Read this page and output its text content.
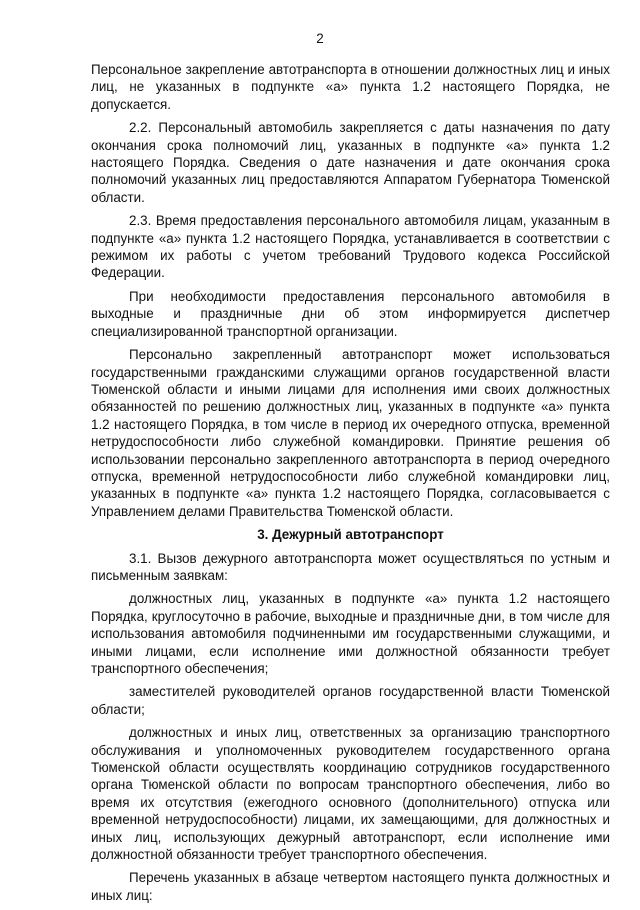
2

Персональное закрепление автотранспорта в отношении должностных лиц и иных лиц, не указанных в подпункте «а» пункта 1.2 настоящего Порядка, не допускается.

2.2. Персональный автомобиль закрепляется с даты назначения по дату окончания срока полномочий лиц, указанных в подпункте «а» пункта 1.2 настоящего Порядка. Сведения о дате назначения и дате окончания срока полномочий указанных лиц предоставляются Аппаратом Губернатора Тюменской области.

2.3. Время предоставления персонального автомобиля лицам, указанным в подпункте «а» пункта 1.2 настоящего Порядка, устанавливается в соответствии с режимом их работы с учетом требований Трудового кодекса Российской Федерации.

При необходимости предоставления персонального автомобиля в выходные и праздничные дни об этом информируется диспетчер специализированной транспортной организации.

Персонально закрепленный автотранспорт может использоваться государственными гражданскими служащими органов государственной власти Тюменской области и иными лицами для исполнения ими своих должностных обязанностей по решению должностных лиц, указанных в подпункте «а» пункта 1.2 настоящего Порядка, в том числе в период их очередного отпуска, временной нетрудоспособности либо служебной командировки. Принятие решения об использовании персонально закрепленного автотранспорта в период очередного отпуска, временной нетрудоспособности либо служебной командировки лиц, указанных в подпункте «а» пункта 1.2 настоящего Порядка, согласовывается с Управлением делами Правительства Тюменской области.

3. Дежурный автотранспорт

3.1. Вызов дежурного автотранспорта может осуществляться по устным и письменным заявкам:

должностных лиц, указанных в подпункте «а» пункта 1.2 настоящего Порядка, круглосуточно в рабочие, выходные и праздничные дни, в том числе для использования автомобиля подчиненными им государственными служащими, и иными лицами, если исполнение ими должностной обязанности требует транспортного обеспечения;

заместителей руководителей органов государственной власти Тюменской области;

должностных и иных лиц, ответственных за организацию транспортного обслуживания и уполномоченных руководителем государственного органа Тюменской области осуществлять координацию сотрудников государственного органа Тюменской области по вопросам транспортного обеспечения, либо во время их отсутствия (ежегодного основного (дополнительного) отпуска или временной нетрудоспособности) лицами, их замещающими, для должностных и иных лиц, использующих дежурный автотранспорт, если исполнение ими должностной обязанности требует транспортного обеспечения.

Перечень указанных в абзаце четвертом настоящего пункта должностных и иных лиц:
